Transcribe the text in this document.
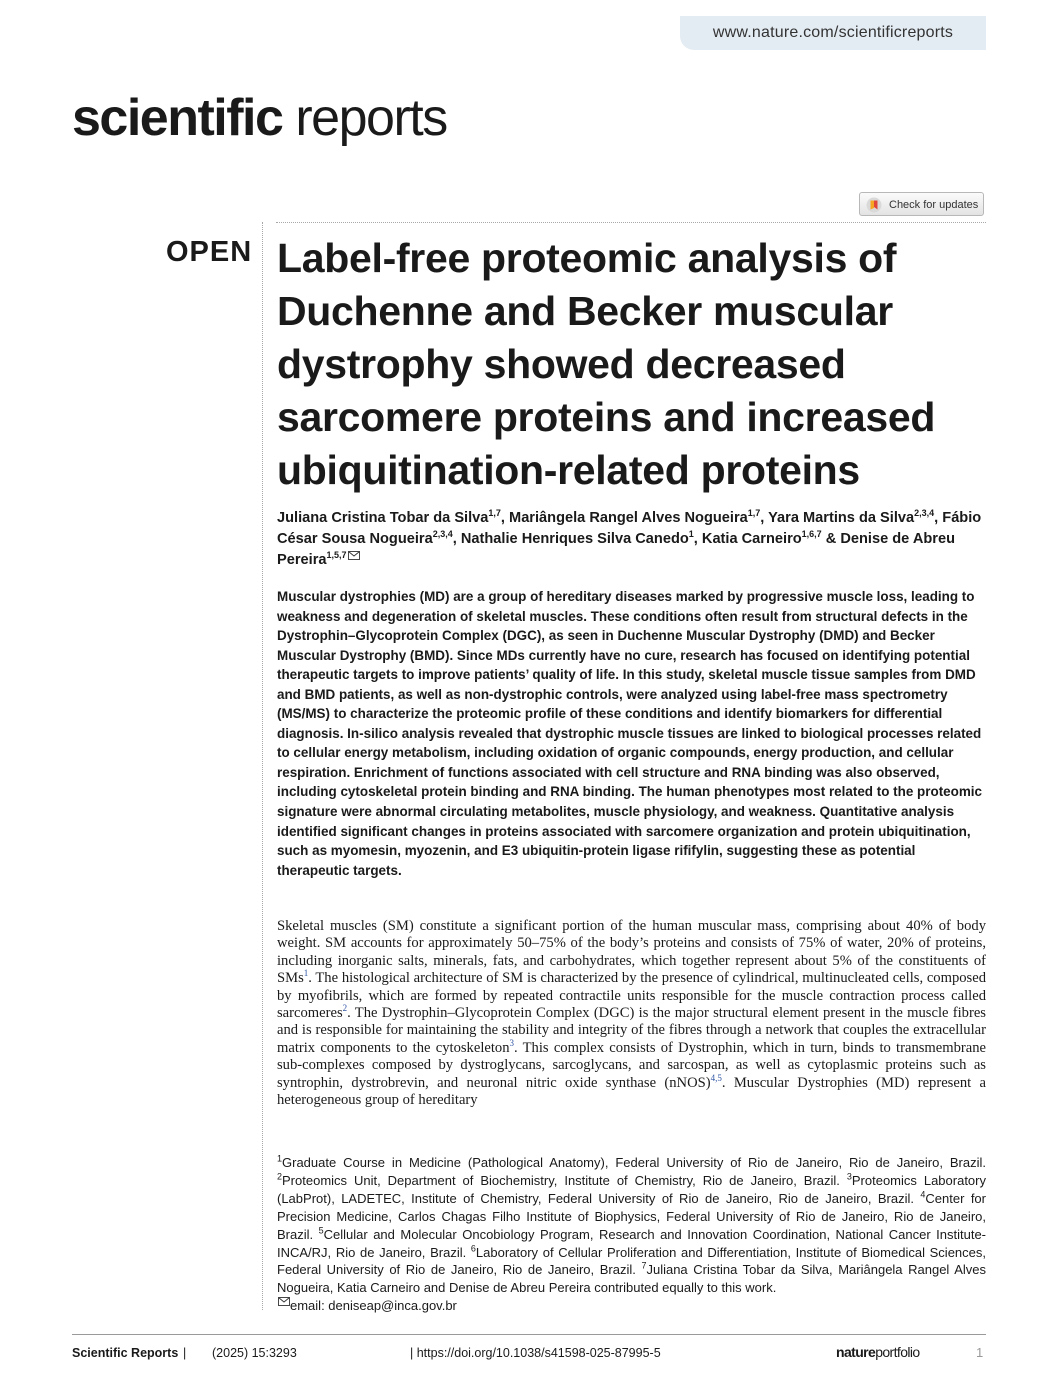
www.nature.com/scientificreports
scientific reports
Check for updates
OPEN Label-free proteomic analysis of Duchenne and Becker muscular dystrophy showed decreased sarcomere proteins and increased ubiquitination-related proteins
Juliana Cristina Tobar da Silva$^{1,7}$, Mariângela Rangel Alves Nogueira$^{1,7}$, Yara Martins da Silva$^{2,3,4}$, Fábio César Sousa Nogueira$^{2,3,4}$, Nathalie Henriques Silva Canedo$^1$, Katia Carneiro$^{1,6,7}$ & Denise de Abreu Pereira$^{1,5,7}$

Muscular dystrophies (MD) are a group of hereditary diseases marked by progressive muscle loss, leading to weakness and degeneration of skeletal muscles. These conditions often result from structural defects in the Dystrophin–Glycoprotein Complex (DGC), as seen in Duchenne Muscular Dystrophy (DMD) and Becker Muscular Dystrophy (BMD). Since MDs currently have no cure, research has focused on identifying potential therapeutic targets to improve patients’ quality of life. In this study, skeletal muscle tissue samples from DMD and BMD patients, as well as non-dystrophic controls, were analyzed using label-free mass spectrometry (MS/MS) to characterize the proteomic profile of these conditions and identify biomarkers for differential diagnosis. In-silico analysis revealed that dystrophic muscle tissues are linked to biological processes related to cellular energy metabolism, including oxidation of organic compounds, energy production, and cellular respiration. Enrichment of functions associated with cell structure and RNA binding was also observed, including cytoskeletal protein binding and RNA binding. The human phenotypes most related to the proteomic signature were abnormal circulating metabolites, muscle physiology, and weakness. Quantitative analysis identified significant changes in proteins associated with sarcomere organization and protein ubiquitination, such as myomesin, myozenin, and E3 ubiquitin-protein ligase rififylin, suggesting these as potential therapeutic targets.

Skeletal muscles (SM) constitute a significant portion of the human muscular mass, comprising about 40% of body weight. SM accounts for approximately 50–75% of the body’s proteins and consists of 75% of water, 20% of proteins, including inorganic salts, minerals, fats, and carbohydrates, which together represent about 5% of the constituents of SMs$^1$. The histological architecture of SM is characterized by the presence of cylindrical, multinucleated cells, composed by myofibrils, which are formed by repeated contractile units responsible for the muscle contraction process called sarcomeres$^2$. The Dystrophin–Glycoprotein Complex (DGC) is the major structural element present in the muscle fibres and is responsible for maintaining the stability and integrity of the fibres through a network that couples the extracellular matrix components to the cytoskeleton$^3$. This complex consists of Dystrophin, which in turn, binds to transmembrane sub-complexes composed by dystroglycans, sarcoglycans, and sarcospan, as well as cytoplasmic proteins such as syntrophin, dystrobrevin, and neuronal nitric oxide synthase (nNOS)$^{4,5}$. Muscular Dystrophies (MD) represent a heterogeneous group of hereditary

$^1$Graduate Course in Medicine (Pathological Anatomy), Federal University of Rio de Janeiro, Rio de Janeiro, Brazil. $^2$Proteomics Unit, Department of Biochemistry, Institute of Chemistry, Rio de Janeiro, Brazil. $^3$Proteomics Laboratory (LabProt), LADETEC, Institute of Chemistry, Federal University of Rio de Janeiro, Rio de Janeiro, Brazil. $^4$Center for Precision Medicine, Carlos Chagas Filho Institute of Biophysics, Federal University of Rio de Janeiro, Rio de Janeiro, Brazil. $^5$Cellular and Molecular Oncobiology Program, Research and Innovation Coordination, National Cancer Institute- INCA/RJ, Rio de Janeiro, Brazil. $^6$Laboratory of Cellular Proliferation and Differentiation, Institute of Biomedical Sciences, Federal University of Rio de Janeiro, Rio de Janeiro, Brazil. $^7$Juliana Cristina Tobar da Silva, Mariângela Rangel Alves Nogueira, Katia Carneiro and Denise de Abreu Pereira contributed equally to this work.
email: deniseap@inca.gov.br

Scientific Reports | (2025) 15:3293	| https://doi.org/10.1038/s41598-025-87995-5	natureportfolio	1
